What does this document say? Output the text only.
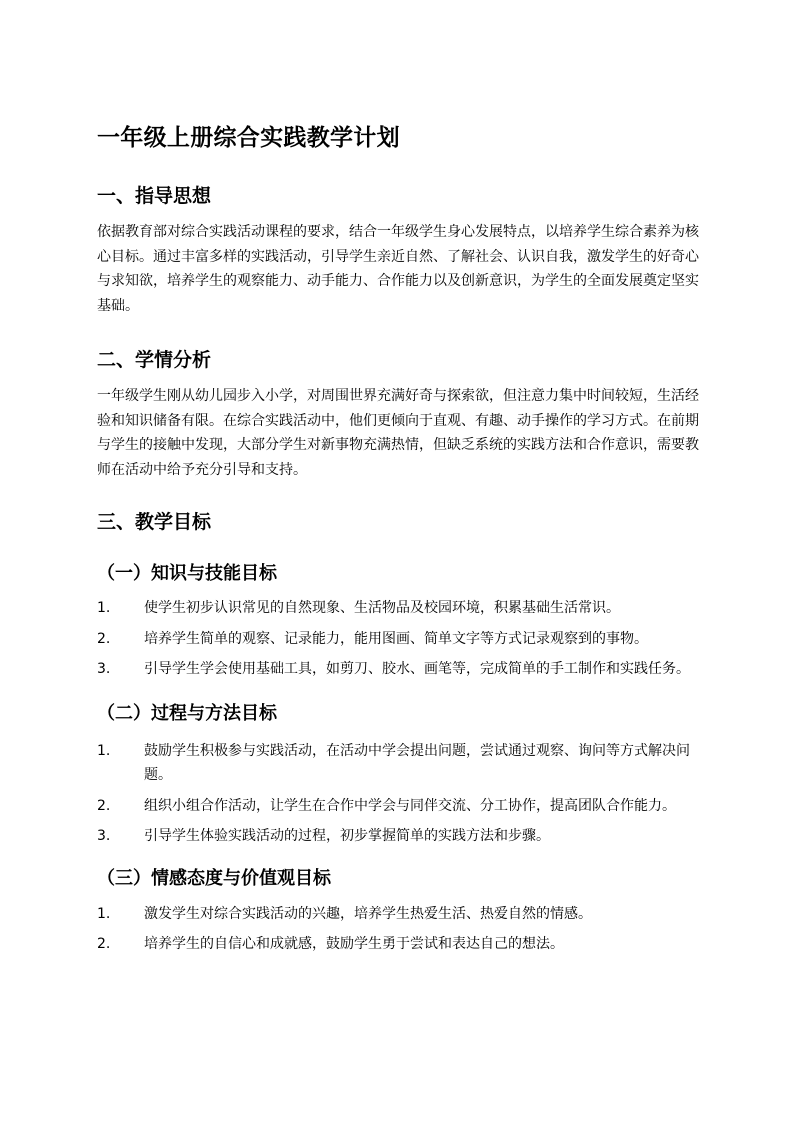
一年级上册综合实践教学计划
一、指导思想

依据教育部对综合实践活动课程的要求，结合一年级学生身心发展特点，以培养学生综合素养为核心目标。通过丰富多样的实践活动，引导学生亲近自然、了解社会、认识自我，激发学生的好奇心与求知欲，培养学生的观察能力、动手能力、合作能力以及创新意识，为学生的全面发展奠定坚实基础。

二、学情分析

一年级学生刚从幼儿园步入小学，对周围世界充满好奇与探索欲，但注意力集中时间较短，生活经验和知识储备有限。在综合实践活动中，他们更倾向于直观、有趣、动手操作的学习方式。在前期与学生的接触中发现，大部分学生对新事物充满热情，但缺乏系统的实践方法和合作意识，需要教师在活动中给予充分引导和支持。

三、教学目标
（一）知识与技能目标
1. 使学生初步认识常见的自然现象、生活物品及校园环境，积累基础生活常识。
2. 培养学生简单的观察、记录能力，能用图画、简单文字等方式记录观察到的事物。
3. 引导学生学会使用基础工具，如剪刀、胶水、画笔等，完成简单的手工制作和实践任务。
（二）过程与方法目标
1. 鼓励学生积极参与实践活动，在活动中学会提出问题，尝试通过观察、询问等方式解决问题。
2. 组织小组合作活动，让学生在合作中学会与同伴交流、分工协作，提高团队合作能力。
3. 引导学生体验实践活动的过程，初步掌握简单的实践方法和步骤。
（三）情感态度与价值观目标
1. 激发学生对综合实践活动的兴趣，培养学生热爱生活、热爱自然的情感。
2. 培养学生的自信心和成就感，鼓励学生勇于尝试和表达自己的想法。
